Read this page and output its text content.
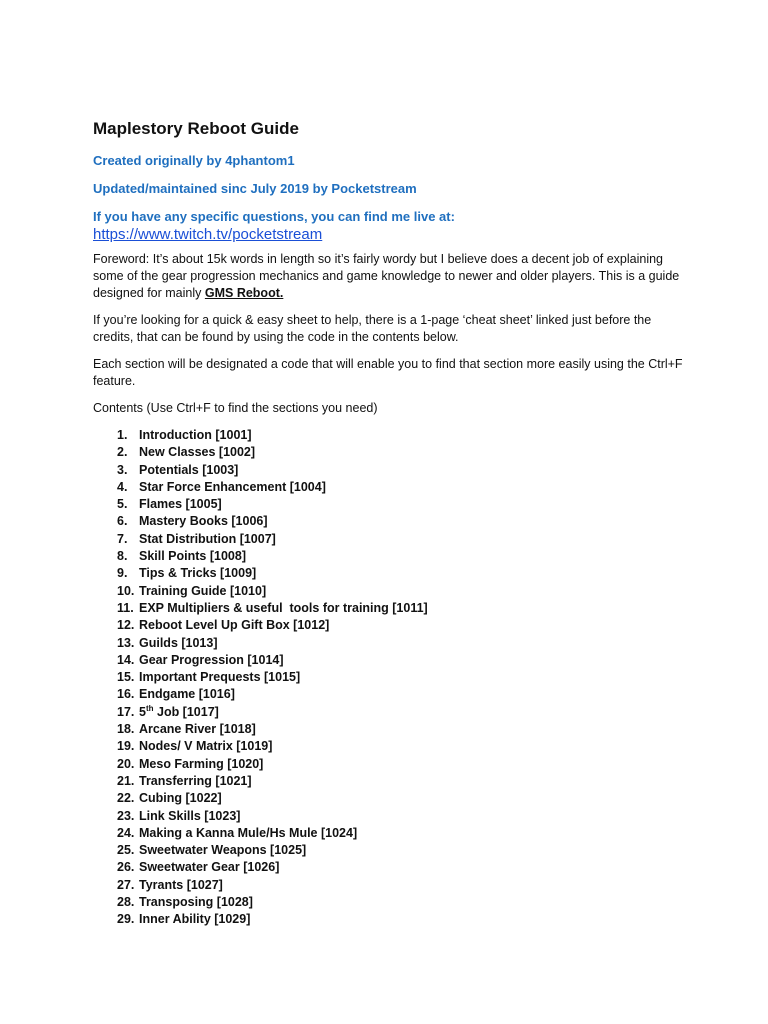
Maplestory Reboot Guide
Created originally by 4phantom1
Updated/maintained sinc July 2019 by Pocketstream
If you have any specific questions, you can find me live at:
https://www.twitch.tv/pocketstream

Foreword: It’s about 15k words in length so it’s fairly wordy but I believe does a decent job of explaining some of the gear progression mechanics and game knowledge to newer and older players. This is a guide designed for mainly GMS Reboot.

If you’re looking for a quick & easy sheet to help, there is a 1-page ‘cheat sheet’ linked just before the credits, that can be found by using the code in the contents below.

Each section will be designated a code that will enable you to find that section more easily using the Ctrl+F feature.

Contents (Use Ctrl+F to find the sections you need)

1. Introduction [1001]
2. New Classes [1002]
3. Potentials [1003]
4. Star Force Enhancement [1004]
5. Flames [1005]
6. Mastery Books [1006]
7. Stat Distribution [1007]
8. Skill Points [1008]
9. Tips & Tricks [1009]
10. Training Guide [1010]
11. EXP Multipliers & useful  tools for training [1011]
12. Reboot Level Up Gift Box [1012]
13. Guilds [1013]
14. Gear Progression [1014]
15. Important Prequests [1015]
16. Endgame [1016]
17. 5th Job [1017]
18. Arcane River [1018]
19. Nodes/ V Matrix [1019]
20. Meso Farming [1020]
21. Transferring [1021]
22. Cubing [1022]
23. Link Skills [1023]
24. Making a Kanna Mule/Hs Mule [1024]
25. Sweetwater Weapons [1025]
26. Sweetwater Gear [1026]
27. Tyrants [1027]
28. Transposing [1028]
29. Inner Ability [1029]
